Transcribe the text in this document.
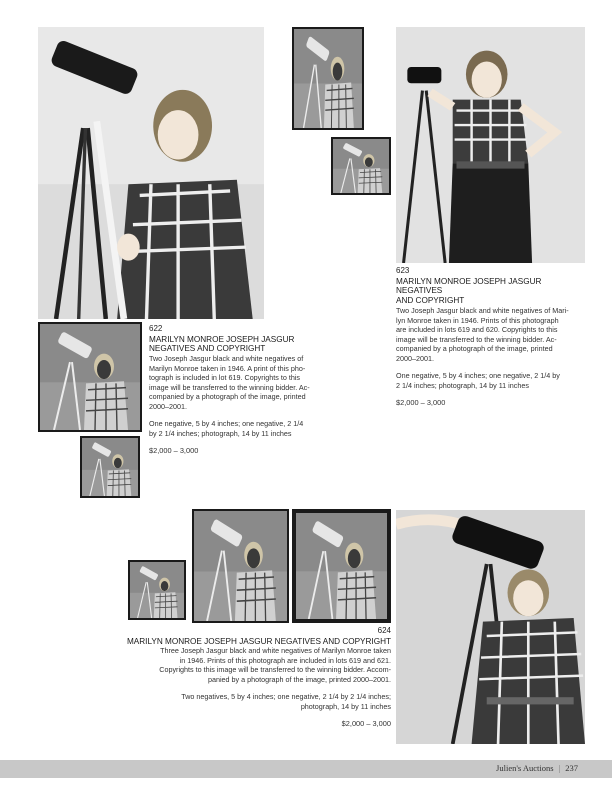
622

MARILYN MONROE JOSEPH JASGUR

NEGATIVES AND COPYRIGHT

Two Joseph Jasgur black and white negatives of

Marilyn Monroe taken in 1946. A print of this pho-

tograph is included in lot 619. Copyrights to this

image will be transferred to the winning bidder. Ac-

companied by a photograph of the image, printed

2000–2001.

One negative, 5 by 4 inches; one negative, 2 1/4

by 2 1/4 inches; photograph, 14 by 11 inches

$2,000 – 3,000

623

MARILYN MONROE JOSEPH JASGUR NEGATIVES

AND COPYRIGHT

Two Joseph Jasgur black and white negatives of Mari-

lyn Monroe taken in 1946. Prints of this photograph

are included in lots 619 and 620. Copyrights to this

image will be transferred to the winning bidder. Ac-

companied by a photograph of the image, printed

2000–2001.

One negative, 5 by 4 inches; one negative, 2 1/4 by

2 1/4 inches; photograph, 14 by 11 inches

$2,000 – 3,000

624

MARILYN MONROE JOSEPH JASGUR NEGATIVES AND COPYRIGHT

Three Joseph Jasgur black and white negatives of Marilyn Monroe taken

in 1946. Prints of this photograph are included in lots 619 and 621.

Copyrights to this image will be transferred to the winning bidder. Accom-

panied by a photograph of the image, printed 2000–2001.

Two negatives, 5 by 4 inches; one negative, 2 1/4 by 2 1/4 inches;

photograph, 14 by 11 inches

$2,000 – 3,000

Julien's Auctions | 237
